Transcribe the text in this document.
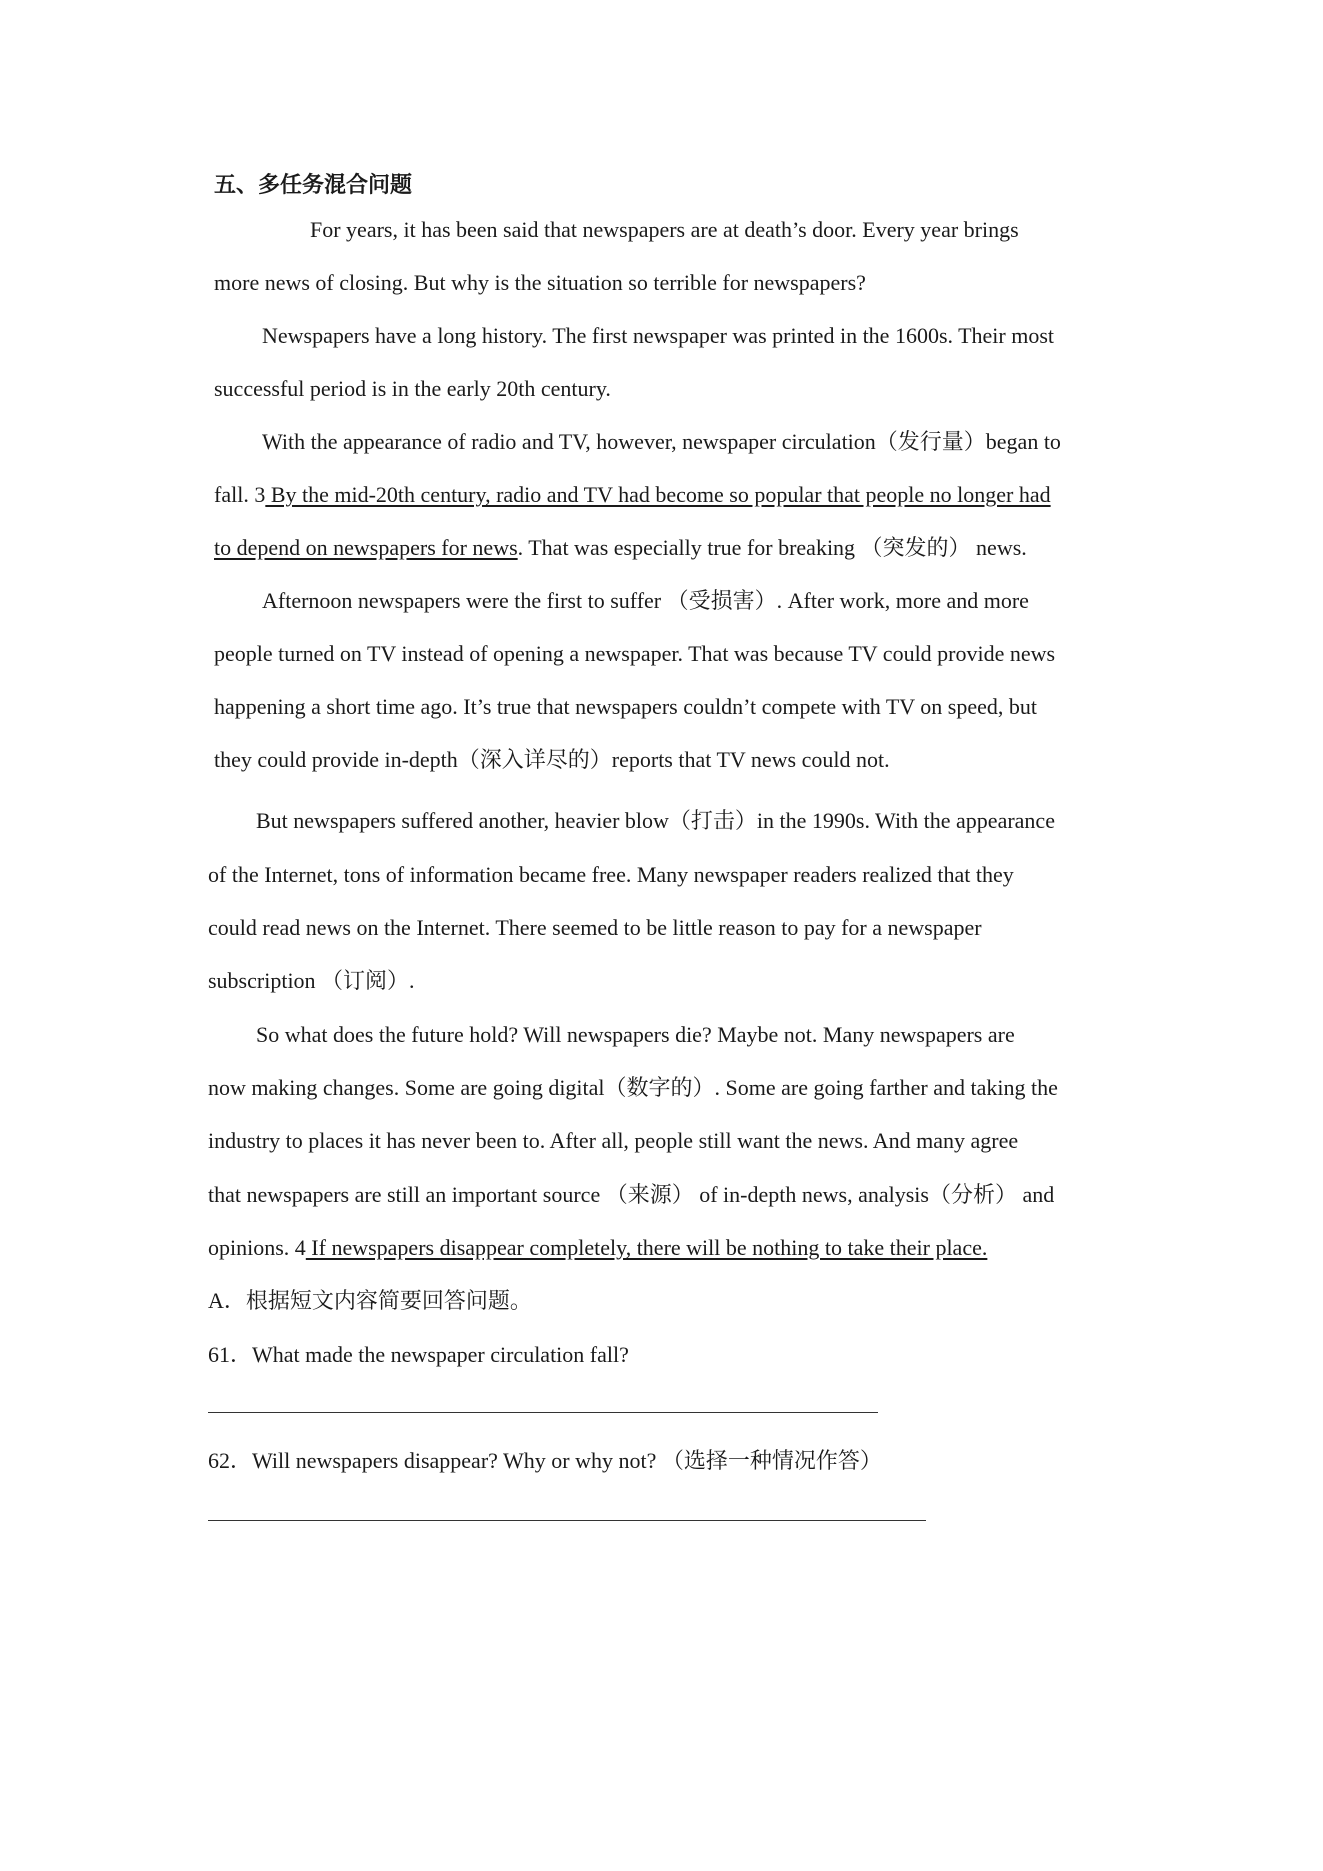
五、多任务混合问题
For years, it has been said that newspapers are at death’s door. Every year brings
more news of closing. But why is the situation so terrible for newspapers?
Newspapers have a long history. The first newspaper was printed in the 1600s. Their most
successful period is in the early 20th century.
With the appearance of radio and TV, however, newspaper circulation（发行量）began to
fall. 3 By the mid-20th century, radio and TV had become so popular that people no longer had
to depend on newspapers for news. That was especially true for breaking （突发的） news.
Afternoon newspapers were the first to suffer （受损害）. After work, more and more
people turned on TV instead of opening a newspaper. That was because TV could provide news
happening a short time ago. It’s true that newspapers couldn’t compete with TV on speed, but
they could provide in-depth（深入详尽的）reports that TV news could not.
But newspapers suffered another, heavier blow（打击）in the 1990s. With the appearance
of the Internet, tons of information became free. Many newspaper readers realized that they
could read news on the Internet. There seemed to be little reason to pay for a newspaper
subscription （订阅）.
So what does the future hold? Will newspapers die? Maybe not. Many newspapers are
now making changes. Some are going digital（数字的）. Some are going farther and taking the
industry to places it has never been to. After all, people still want the news. And many agree
that newspapers are still an important source （来源） of in-depth news, analysis（分析） and
opinions. 4 If newspapers disappear completely, there will be nothing to take their place.
A．根据短文内容简要回答问题。
61．What made the newspaper circulation fall?
62．Will newspapers disappear? Why or why not? （选择一种情况作答）
